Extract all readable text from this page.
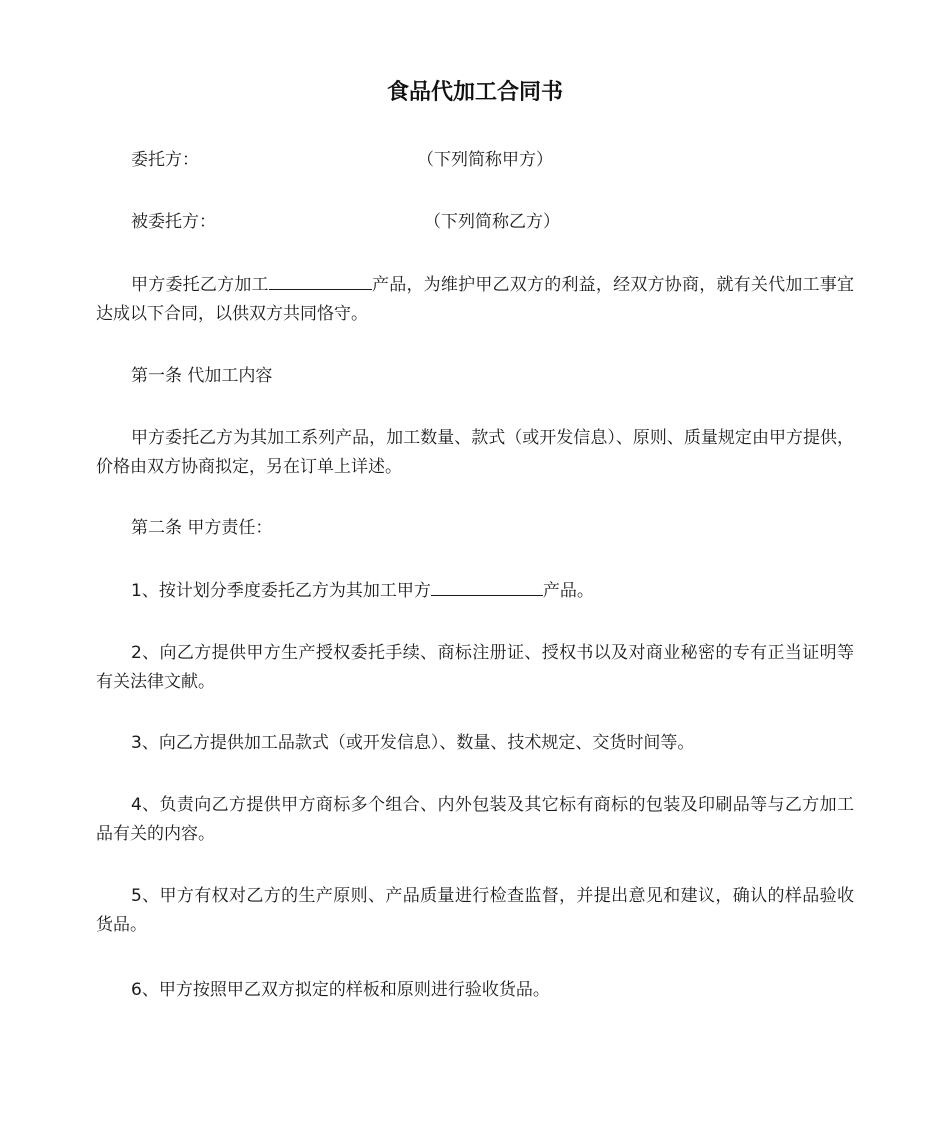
食品代加工合同书

委托方：	（下列简称甲方）

被委托方：	（下列简称乙方）

甲方委托乙方加工	产品，为维护甲乙双方的利益，经双方协商，就有关代加工事宜达成以下合同，以供双方共同恪守。

第一条 代加工内容

甲方委托乙方为其加工系列产品，加工数量、款式（或开发信息）、原则、质量规定由甲方提供，价格由双方协商拟定，另在订单上详述。

第二条 甲方责任：

1、按计划分季度委托乙方为其加工甲方	产品。

2、向乙方提供甲方生产授权委托手续、商标注册证、授权书以及对商业秘密的专有正当证明等有关法律文献。

3、向乙方提供加工品款式（或开发信息）、数量、技术规定、交货时间等。

4、负责向乙方提供甲方商标多个组合、内外包装及其它标有商标的包装及印刷品等与乙方加工品有关的内容。

5、甲方有权对乙方的生产原则、产品质量进行检查监督，并提出意见和建议，确认的样品验收货品。

6、甲方按照甲乙双方拟定的样板和原则进行验收货品。
